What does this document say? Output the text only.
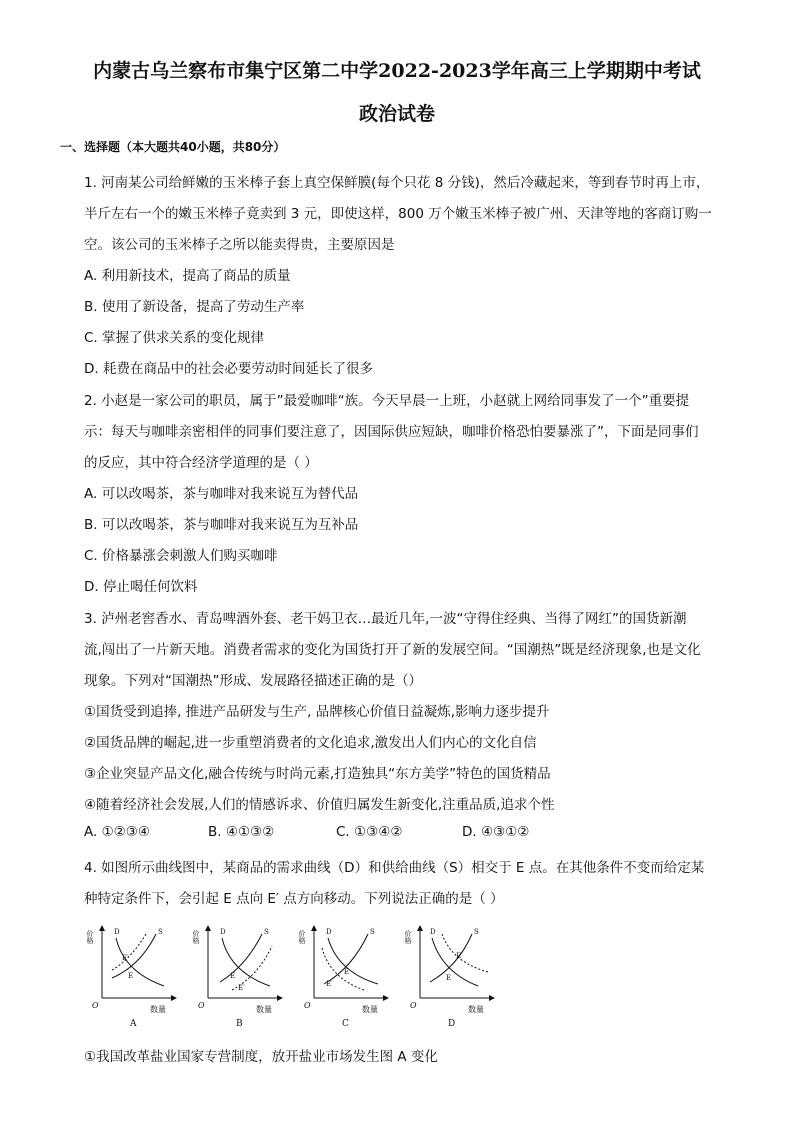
内蒙古乌兰察布市集宁区第二中学2022-2023学年高三上学期期中考试
政治试卷
一、选择题（本大题共40小题，共80分）
1. 河南某公司给鲜嫩的玉米棒子套上真空保鲜膜(每个只花 8 分钱)，然后冷藏起来，等到春节时再上市，
半斤左右一个的嫩玉米棒子竟卖到 3 元，即使这样，800 万个嫩玉米棒子被广州、天津等地的客商订购一
空。该公司的玉米棒子之所以能卖得贵，主要原因是
A. 利用新技术，提高了商品的质量
B. 使用了新设备，提高了劳动生产率
C. 掌握了供求关系的变化规律
D. 耗费在商品中的社会必要劳动时间延长了很多
2. 小赵是一家公司的职员，属于”最爱咖啡“族。今天早晨一上班，小赵就上网给同事发了一个”重要提
示：每天与咖啡亲密相伴的同事们要注意了，因国际供应短缺，咖啡价格恐怕要暴涨了”，下面是同事们
的反应，其中符合经济学道理的是（ ）
A. 可以改喝茶，茶与咖啡对我来说互为替代品
B. 可以改喝茶，茶与咖啡对我来说互为互补品
C. 价格暴涨会刺激人们购买咖啡
D. 停止喝任何饮料
3. 泸州老窖香水、青岛啤酒外套、老干妈卫衣…最近几年,一波“守得住经典、当得了网红”的国货新潮
流,闯出了一片新天地。消费者需求的变化为国货打开了新的发展空间。“国潮热”既是经济现象,也是文化
现象。下列对“国潮热”形成、发展路径描述正确的是（）
①国货受到追捧, 推进产品研发与生产, 品牌核心价值日益凝炼,影响力逐步提升
②国货品牌的崛起,进一步重塑消费者的文化追求,激发出人们内心的文化自信
③企业突显产品文化,融合传统与时尚元素,打造独具“东方美学”特色的国货精品
④随着经济社会发展,人们的情感诉求、价值归属发生新变化,注重品质,追求个性
A. ①②③④	B. ④①③②	C. ①③④②	D. ④③①②
4. 如图所示曲线图中，某商品的需求曲线（D）和供给曲线（S）相交于 E 点。在其他条件不变而给定某
种特定条件下，会引起 E 点向 E′ 点方向移动。下列说法正确的是（ ）
价格
数量
O
D	S
E′
E
A
价格
数量
O
D	S
E
E′
B
价格
数量
O
D	S
E
E′
C
价格
数量
O
D	S
E′
E
D
①我国改革盐业国家专营制度，放开盐业市场发生图 A 变化
